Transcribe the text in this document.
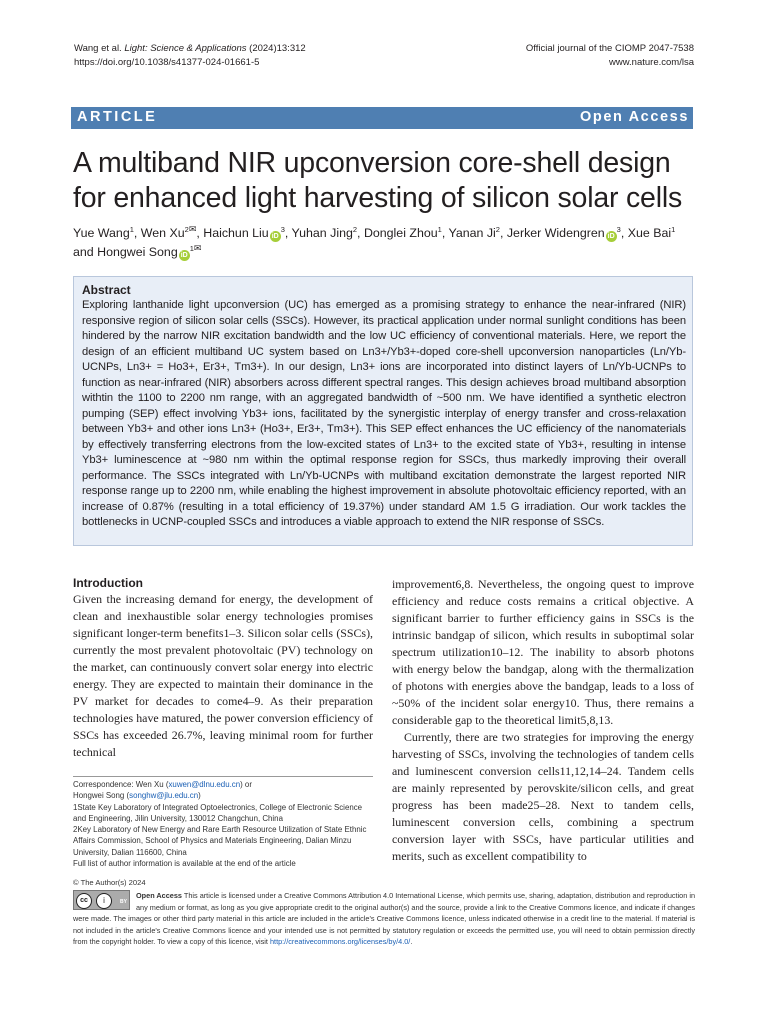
Wang et al. Light: Science & Applications (2024)13:312
https://doi.org/10.1038/s41377-024-01661-5
Official journal of the CIOMP 2047-7538
www.nature.com/lsa
ARTICLE	Open Access
A multiband NIR upconversion core-shell design for enhanced light harvesting of silicon solar cells
Yue Wang$^1$, Wen $Xu^{2✉}$, Haichun Liu $iD^3$, Yuhan Jing$^2$, Donglei Zhou$^1$, Yanan Ji$^2$, Jerker Widengren $iD^3$, Xue Bai$^1$ and Hongwei Song $iD^{1✉}$
Abstract
Exploring lanthanide light upconversion (UC) has emerged as a promising strategy to enhance the near-infrared (NIR) responsive region of silicon solar cells (SSCs). However, its practical application under normal sunlight conditions has been hindered by the narrow NIR excitation bandwidth and the low UC efficiency of conventional materials. Here, we report the design of an efficient multiband UC system based on Ln3+/Yb3+-doped core-shell upconversion nanoparticles (Ln/Yb-UCNPs, Ln3+ = Ho3+, Er3+, Tm3+). In our design, Ln3+ ions are incorporated into distinct layers of Ln/Yb-UCNPs to function as near-infrared (NIR) absorbers across different spectral ranges. This design achieves broad multiband absorption withtin the 1100 to 2200 nm range, with an aggregated bandwidth of ~500 nm. We have identified a synthetic electron pumping (SEP) effect involving Yb3+ ions, facilitated by the synergistic interplay of energy transfer and cross-relaxation between Yb3+ and other ions Ln3+ (Ho3+, Er3+, Tm3+). This SEP effect enhances the UC efficiency of the nanomaterials by effectively transferring electrons from the low-excited states of Ln3+ to the excited state of Yb3+, resulting in intense Yb3+ luminescence at ~980 nm within the optimal response region for SSCs, thus markedly improving their overall performance. The SSCs integrated with Ln/Yb-UCNPs with multiband excitation demonstrate the largest reported NIR response range up to 2200 nm, while enabling the highest improvement in absolute photovoltaic efficiency reported, with an increase of 0.87% (resulting in a total efficiency of 19.37%) under standard AM 1.5 G irradiation. Our work tackles the bottlenecks in UCNP-coupled SSCs and introduces a viable approach to extend the NIR response of SSCs.
Introduction
Given the increasing demand for energy, the development of clean and inexhaustible solar energy technologies promises significant longer-term benefits1–3. Silicon solar cells (SSCs), currently the most prevalent photovoltaic (PV) technology on the market, can continuously convert solar energy into electric energy. They are expected to maintain their dominance in the PV market for decades to come4–9. As their preparation technologies have matured, the power conversion efficiency of SSCs has exceeded 26.7%, leaving minimal room for further technical
improvement6,8. Nevertheless, the ongoing quest to improve efficiency and reduce costs remains a critical objective. A significant barrier to further efficiency gains in SSCs is the intrinsic bandgap of silicon, which results in suboptimal solar spectrum utilization10–12. The inability to absorb photons with energy below the bandgap, along with the thermalization of photons with energies above the bandgap, leads to a loss of ~50% of the incident solar energy10. Thus, there remains a considerable gap to the theoretical limit5,8,13.
Currently, there are two strategies for improving the energy harvesting of SSCs, involving the technologies of tandem cells and luminescent conversion cells11,12,14–24. Tandem cells are mainly represented by perovskite/silicon cells, and great progress has been made25–28. Next to tandem cells, luminescent conversion cells, combining a spectrum conversion layer with SSCs, have particular utilities and merits, such as excellent compatibility to
Correspondence: Wen Xu (xuwen@dlnu.edu.cn) or
Hongwei Song (songhw@jlu.edu.cn)
1State Key Laboratory of Integrated Optoelectronics, College of Electronic Science and Engineering, Jilin University, 130012 Changchun, China
2Key Laboratory of New Energy and Rare Earth Resource Utilization of State Ethnic Affairs Commission, School of Physics and Materials Engineering, Dalian Minzu University, Dalian 116600, China
Full list of author information is available at the end of the article
© The Author(s) 2024
cc	i	BY
Open Access This article is licensed under a Creative Commons Attribution 4.0 International License, which permits use, sharing, adaptation, distribution and reproduction in any medium or format, as long as you give appropriate credit to the original author(s) and the source, provide a link to the Creative Commons licence, and indicate if changes were made. The images or other third party material in this article are included in the article's Creative Commons licence, unless indicated otherwise in a credit line to the material. If material is not included in the article's Creative Commons licence and your intended use is not permitted by statutory regulation or exceeds the permitted use, you will need to obtain permission directly from the copyright holder. To view a copy of this licence, visit http://creativecommons.org/licenses/by/4.0/.
